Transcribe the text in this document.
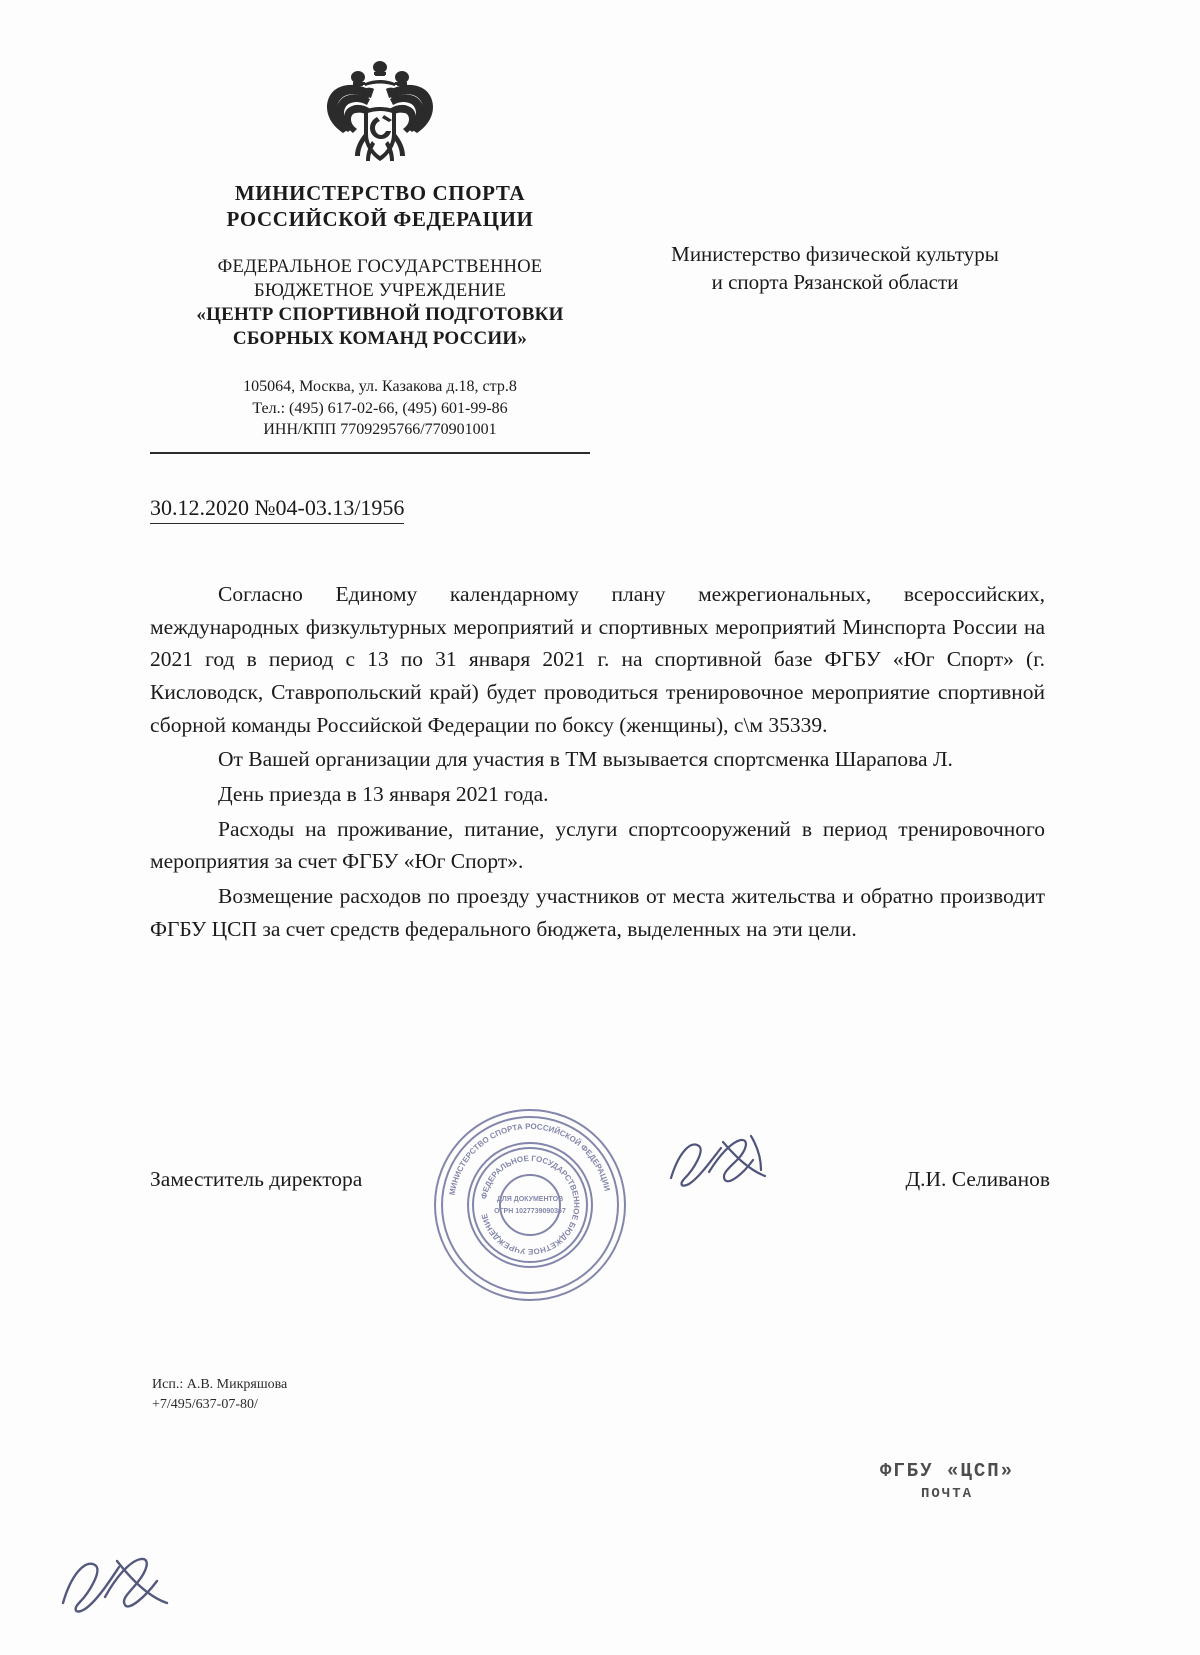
МИНИСТЕРСТВО СПОРТА
РОССИЙСКОЙ ФЕДЕРАЦИИ
ФЕДЕРАЛЬНОЕ ГОСУДАРСТВЕННОЕ
БЮДЖЕТНОЕ УЧРЕЖДЕНИЕ
«ЦЕНТР СПОРТИВНОЙ ПОДГОТОВКИ
СБОРНЫХ КОМАНД РОССИИ»
105064, Москва, ул. Казакова д.18, стр.8
Тел.: (495) 617-02-66, (495) 601-99-86
ИНН/КПП 7709295766/770901001
Министерство физической культуры
и спорта Рязанской области
30.12.2020 №04-03.13/1956

Согласно Единому календарному плану межрегиональных, всероссийских, международных физкультурных мероприятий и спортивных мероприятий Минспорта России на 2021 год в период с 13 по 31 января 2021 г. на спортивной базе ФГБУ «Юг Спорт» (г. Кисловодск, Ставропольский край) будет проводиться тренировочное мероприятие спортивной сборной команды Российской Федерации по боксу (женщины), с\м 35339.

От Вашей организации для участия в ТМ вызывается спортсменка Шарапова Л.

День приезда в 13 января 2021 года.

Расходы на проживание, питание, услуги спортсооружений в период тренировочного мероприятия за счет ФГБУ «Юг Спорт».

Возмещение расходов по проезду участников от места жительства и обратно производит ФГБУ ЦСП за счет средств федерального бюджета, выделенных на эти цели.

МИНИСТЕРСТВО СПОРТА РОССИЙСКОЙ ФЕДЕРАЦИИ
ФЕДЕРАЛЬНОЕ ГОСУДАРСТВЕННОЕ БЮДЖЕТНОЕ УЧРЕЖДЕНИЕ
ДЛЯ ДОКУМЕНТОВ
ОГРН 1027739090367
Заместитель директора	Д.И. Селиванов
Исп.: А.В. Микряшова
+7/495/637-07-80/
ФГБУ «ЦСП»
ПОЧТА
